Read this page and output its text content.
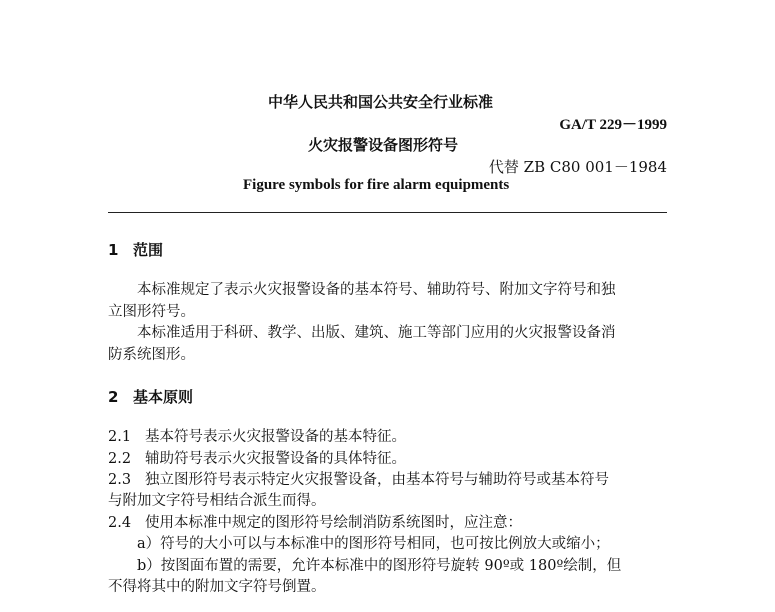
中华人民共和国公共安全行业标准
GA/T 229－1999
火灾报警设备图形符号
代替 ZB C80 001－1984
Figure symbols for fire alarm equipments
1 范围
本标准规定了表示火灾报警设备的基本符号、辅助符号、附加文字符号和独
立图形符号。
本标准适用于科研、教学、出版、建筑、施工等部门应用的火灾报警设备消
防系统图形。
2 基本原则
2.1 基本符号表示火灾报警设备的基本特征。
2.2 辅助符号表示火灾报警设备的具体特征。
2.3 独立图形符号表示特定火灾报警设备，由基本符号与辅助符号或基本符号
与附加文字符号相结合派生而得。
2.4 使用本标准中规定的图形符号绘制消防系统图时，应注意：
a）符号的大小可以与本标准中的图形符号相同，也可按比例放大或缩小；
b）按图面布置的需要，允许本标准中的图形符号旋转 90º或 180º绘制，但
不得将其中的附加文字符号倒置。
